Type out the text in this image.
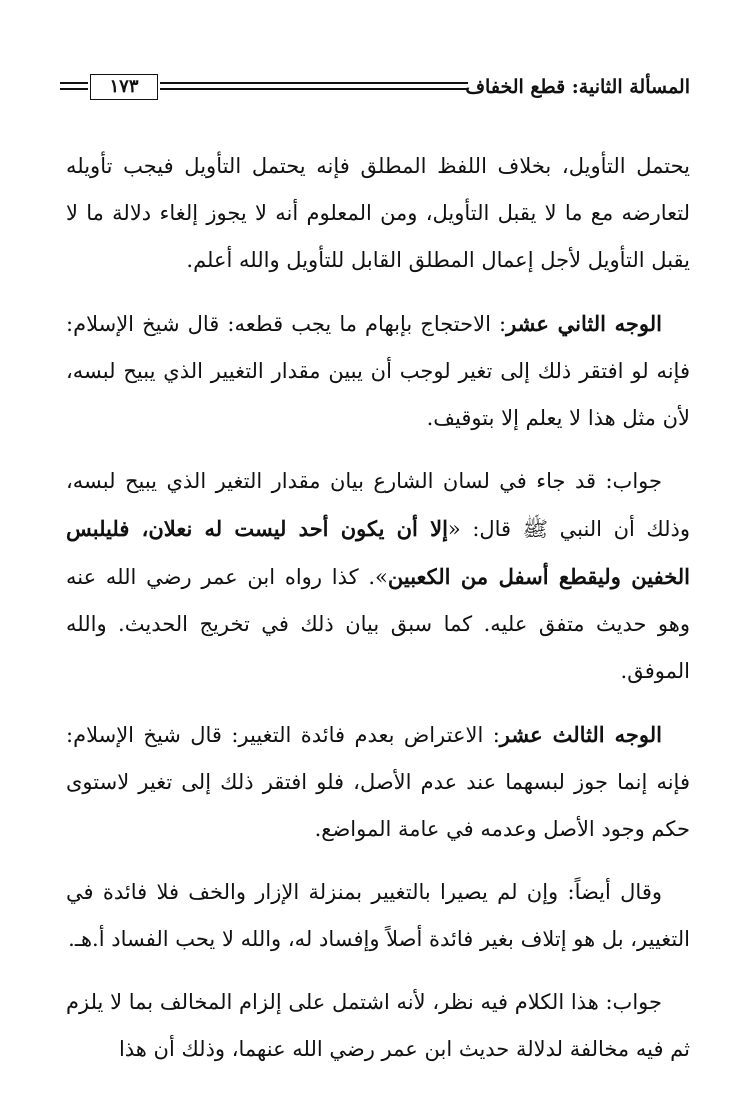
المسألة الثانية: قطع الخفاف
١٧٣

يحتمل التأويل، بخلاف اللفظ المطلق فإنه يحتمل التأويل فيجب تأويله لتعارضه مع ما لا يقبل التأويل، ومن المعلوم أنه لا يجوز إلغاء دلالة ما لا يقبل التأويل لأجل إعمال المطلق القابل للتأويل والله أعلم.

الوجه الثاني عشر: الاحتجاج بإبهام ما يجب قطعه: قال شيخ الإسلام: فإنه لو افتقر ذلك إلى تغير لوجب أن يبين مقدار التغيير الذي يبيح لبسه، لأن مثل هذا لا يعلم إلا بتوقيف.

جواب: قد جاء في لسان الشارع بيان مقدار التغير الذي يبيح لبسه، وذلك أن النبي ﷺ قال: «إلا أن يكون أحد ليست له نعلان، فليلبس الخفين وليقطع أسفل من الكعبين». كذا رواه ابن عمر رضي الله عنه وهو حديث متفق عليه. كما سبق بيان ذلك في تخريج الحديث. والله الموفق.

الوجه الثالث عشر: الاعتراض بعدم فائدة التغيير: قال شيخ الإسلام: فإنه إنما جوز لبسهما عند عدم الأصل، فلو افتقر ذلك إلى تغير لاستوى حكم وجود الأصل وعدمه في عامة المواضع.

وقال أيضاً: وإن لم يصيرا بالتغيير بمنزلة الإزار والخف فلا فائدة في التغيير، بل هو إتلاف بغير فائدة أصلاً وإفساد له، والله لا يحب الفساد أ.هـ.

جواب: هذا الكلام فيه نظر، لأنه اشتمل على إلزام المخالف بما لا يلزم ثم فيه مخالفة لدلالة حديث ابن عمر رضي الله عنهما، وذلك أن هذا
